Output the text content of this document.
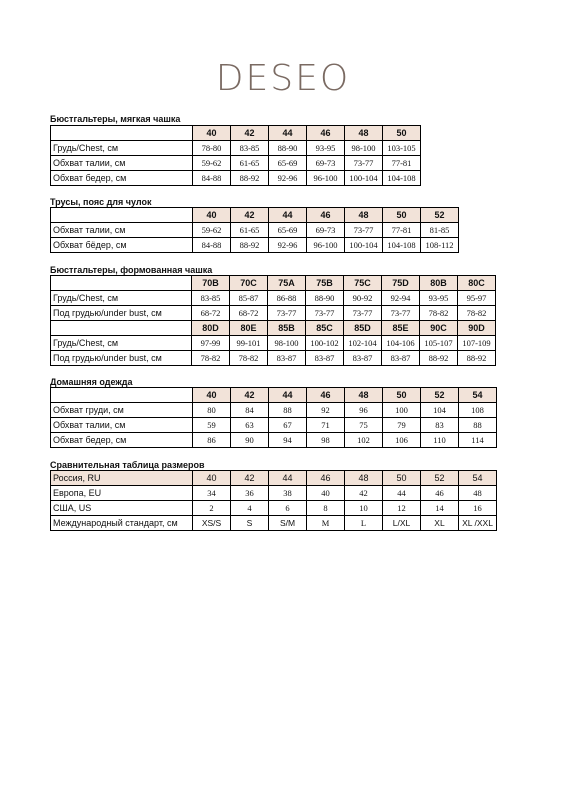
DESEO
Бюстгальтеры, мягкая чашка
	40	42	44	46	48	50
Грудь/Chest, см	78-80	83-85	88-90	93-95	98-100	103-105
Обхват талии, см	59-62	61-65	65-69	69-73	73-77	77-81
Обхват бедер, см	84-88	88-92	92-96	96-100	100-104	104-108
Трусы, пояс для чулок
	40	42	44	46	48	50	52
Обхват талии, см	59-62	61-65	65-69	69-73	73-77	77-81	81-85
Обхват бёдер, см	84-88	88-92	92-96	96-100	100-104	104-108	108-112
Бюстгальтеры, формованная чашка
	70B	70C	75A	75B	75C	75D	80B	80C
Грудь/Chest, см	83-85	85-87	86-88	88-90	90-92	92-94	93-95	95-97
Под грудью/under bust, см	68-72	68-72	73-77	73-77	73-77	73-77	78-82	78-82
	80D	80E	85B	85C	85D	85E	90C	90D
Грудь/Chest, см	97-99	99-101	98-100	100-102	102-104	104-106	105-107	107-109
Под грудью/under bust, см	78-82	78-82	83-87	83-87	83-87	83-87	88-92	88-92
Домашняя одежда
	40	42	44	46	48	50	52	54
Обхват груди, см	80	84	88	92	96	100	104	108
Обхват талии, см	59	63	67	71	75	79	83	88
Обхват бедер, см	86	90	94	98	102	106	110	114
Сравнительная таблица размеров
Россия, RU	40	42	44	46	48	50	52	54
Европа, EU	34	36	38	40	42	44	46	48
США, US	2	4	6	8	10	12	14	16
Международный стандарт, см	XS/S	S	S/M	M	L	L/XL	XL	XL /XXL
